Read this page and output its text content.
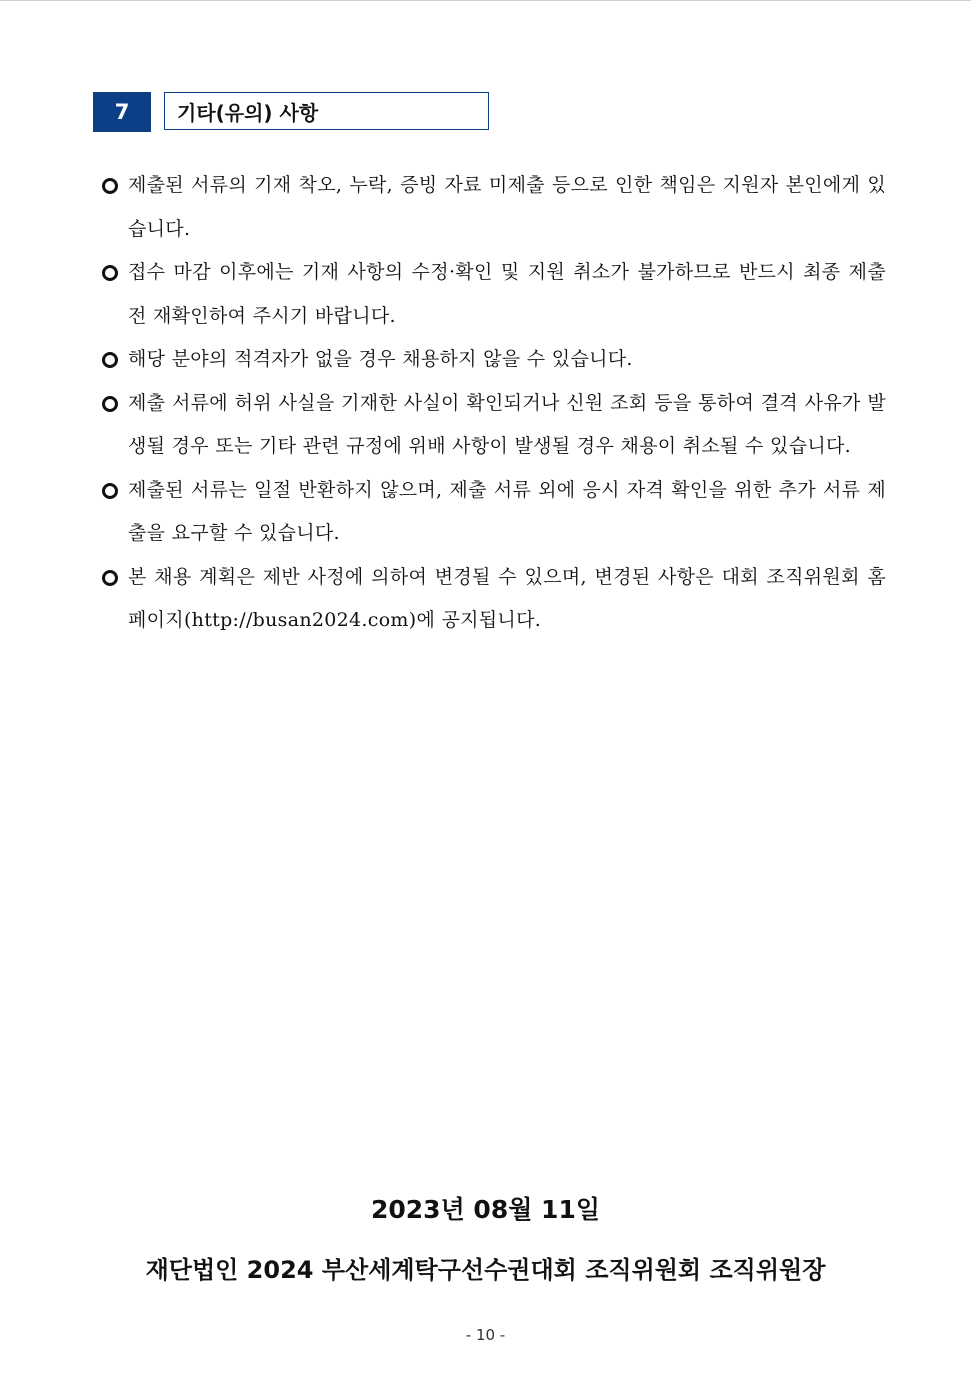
7	기타(유의) 사항
제출된 서류의 기재 착오, 누락, 증빙 자료 미제출 등으로 인한 책임은 지원자 본인에게 있습니다.
접수 마감 이후에는 기재 사항의 수정·확인 및 지원 취소가 불가하므로 반드시 최종 제출 전 재확인하여 주시기 바랍니다.
해당 분야의 적격자가 없을 경우 채용하지 않을 수 있습니다.
제출 서류에 허위 사실을 기재한 사실이 확인되거나 신원 조회 등을 통하여 결격 사유가 발생될 경우 또는 기타 관련 규정에 위배 사항이 발생될 경우 채용이 취소될 수 있습니다.
제출된 서류는 일절 반환하지 않으며, 제출 서류 외에 응시 자격 확인을 위한 추가 서류 제출을 요구할 수 있습니다.
본 채용 계획은 제반 사정에 의하여 변경될 수 있으며, 변경된 사항은 대회 조직위원회 홈페이지(http://busan2024.com)에 공지됩니다.
2023년 08월 11일
재단법인 2024 부산세계탁구선수권대회 조직위원회 조직위원장
- 10 -
